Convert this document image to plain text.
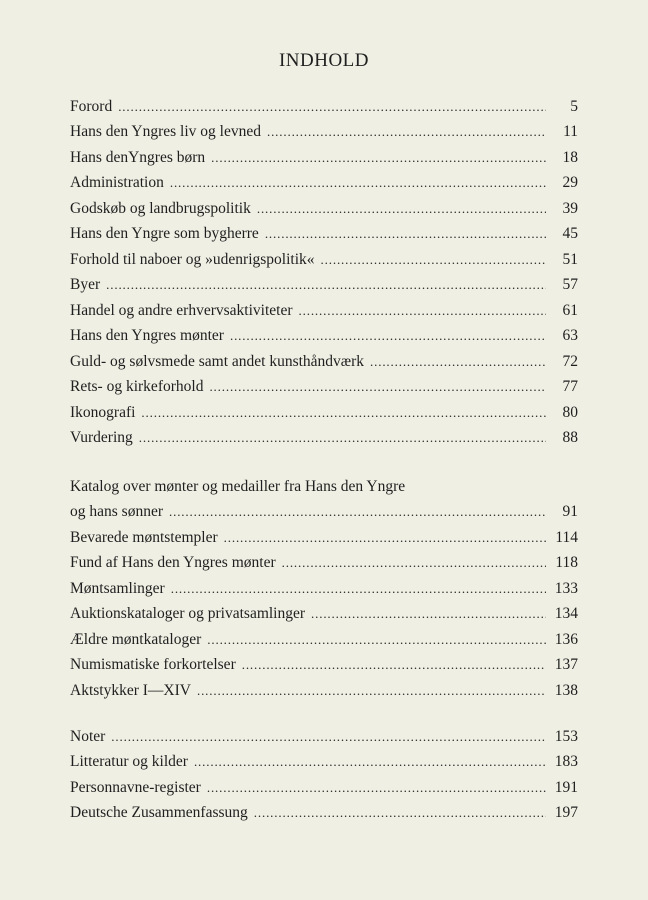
INDHOLD
Forord . . .	5
Hans den Yngres liv og levned . . .	11
Hans denYngres børn . . .	18
Administration . . .	29
Godskøb og landbrugspolitik . . .	39
Hans den Yngre som bygherre . . .	45
Forhold til naboer og »udenrigspolitik« . . .	51
Byer . . .	57
Handel og andre erhvervsaktiviteter . . .	61
Hans den Yngres mønter . . .	63
Guld- og sølvsmede samt andet kunsthåndværk . . .	72
Rets- og kirkeforhold . . .	77
Ikonografi . . .	80
Vurdering . . .	88
Katalog over mønter og medailler fra Hans den Yngre
og hans sønner . . .	91
Bevarede møntstempler . . .	114
Fund af Hans den Yngres mønter . . .	118
Møntsamlinger . . .	133
Auktionskataloger og privatsamlinger . . .	134
Ældre møntkataloger . . .	136
Numismatiske forkortelser . . .	137
Aktstykker I—XIV . . .	138
Noter . . .	153
Litteratur og kilder . . .	183
Personnavne-register . . .	191
Deutsche Zusammenfassung . . .	197
